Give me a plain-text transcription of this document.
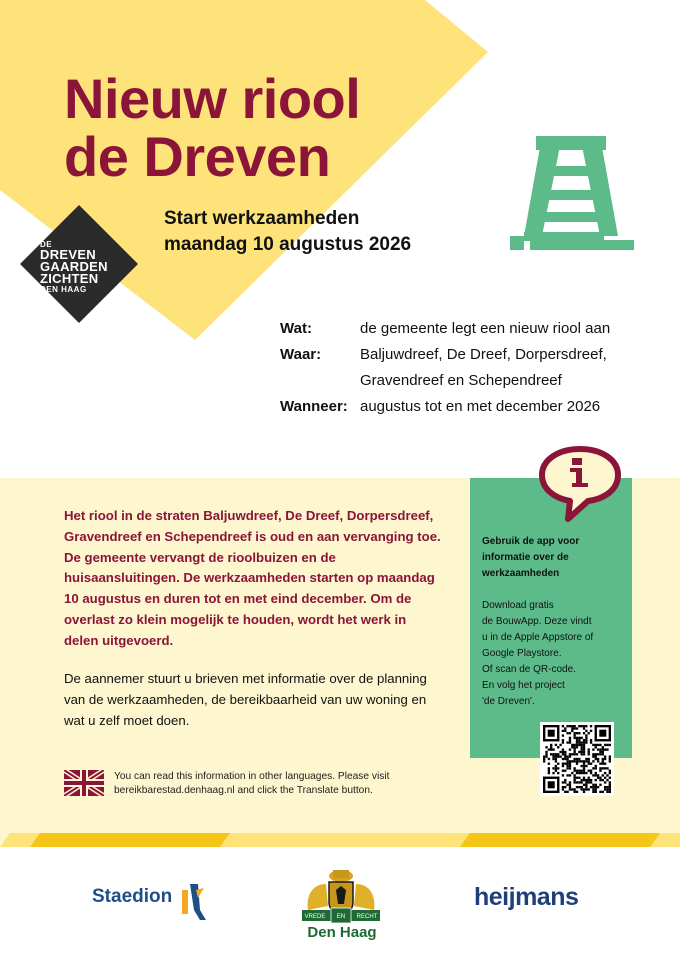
Nieuw riool
de Dreven
DE
DREVEN
GAARDEN
ZICHTEN
DEN HAAG
Start werkzaamheden
maandag 10 augustus 2026
Wat:	de gemeente legt een nieuw riool aan
Waar:	Baljuwdreef, De Dreef, Dorpersdreef, Gravendreef en Schependreef
Wanneer: augustus tot en met december 2026

Het riool in de straten Baljuwdreef, De Dreef, Dorpersdreef, Gravendreef en Schependreef is oud en aan vervanging toe. De gemeente vervangt de rioolbuizen en de huisaansluitingen. De werkzaamheden starten op maandag 10 augustus en duren tot en met eind december. Om de overlast zo klein mogelijk te houden, wordt het werk in delen uitgevoerd.

De aannemer stuurt u brieven met informatie over de planning van de werkzaamheden, de bereikbaarheid van uw woning en wat u zelf moet doen.

You can read this information in other languages. Please visit
bereikbarestad.denhaag.nl and click the Translate button.
Gebruik de app voor informatie over de werkzaamheden
Download gratis
de BouwApp. Deze vindt
u in de Apple Appstore of
Google Playstore.
Of scan de QR-code.
En volg het project
'de Dreven'.
Staedion
VREDE EN RECHT
Den Haag
heijmans
